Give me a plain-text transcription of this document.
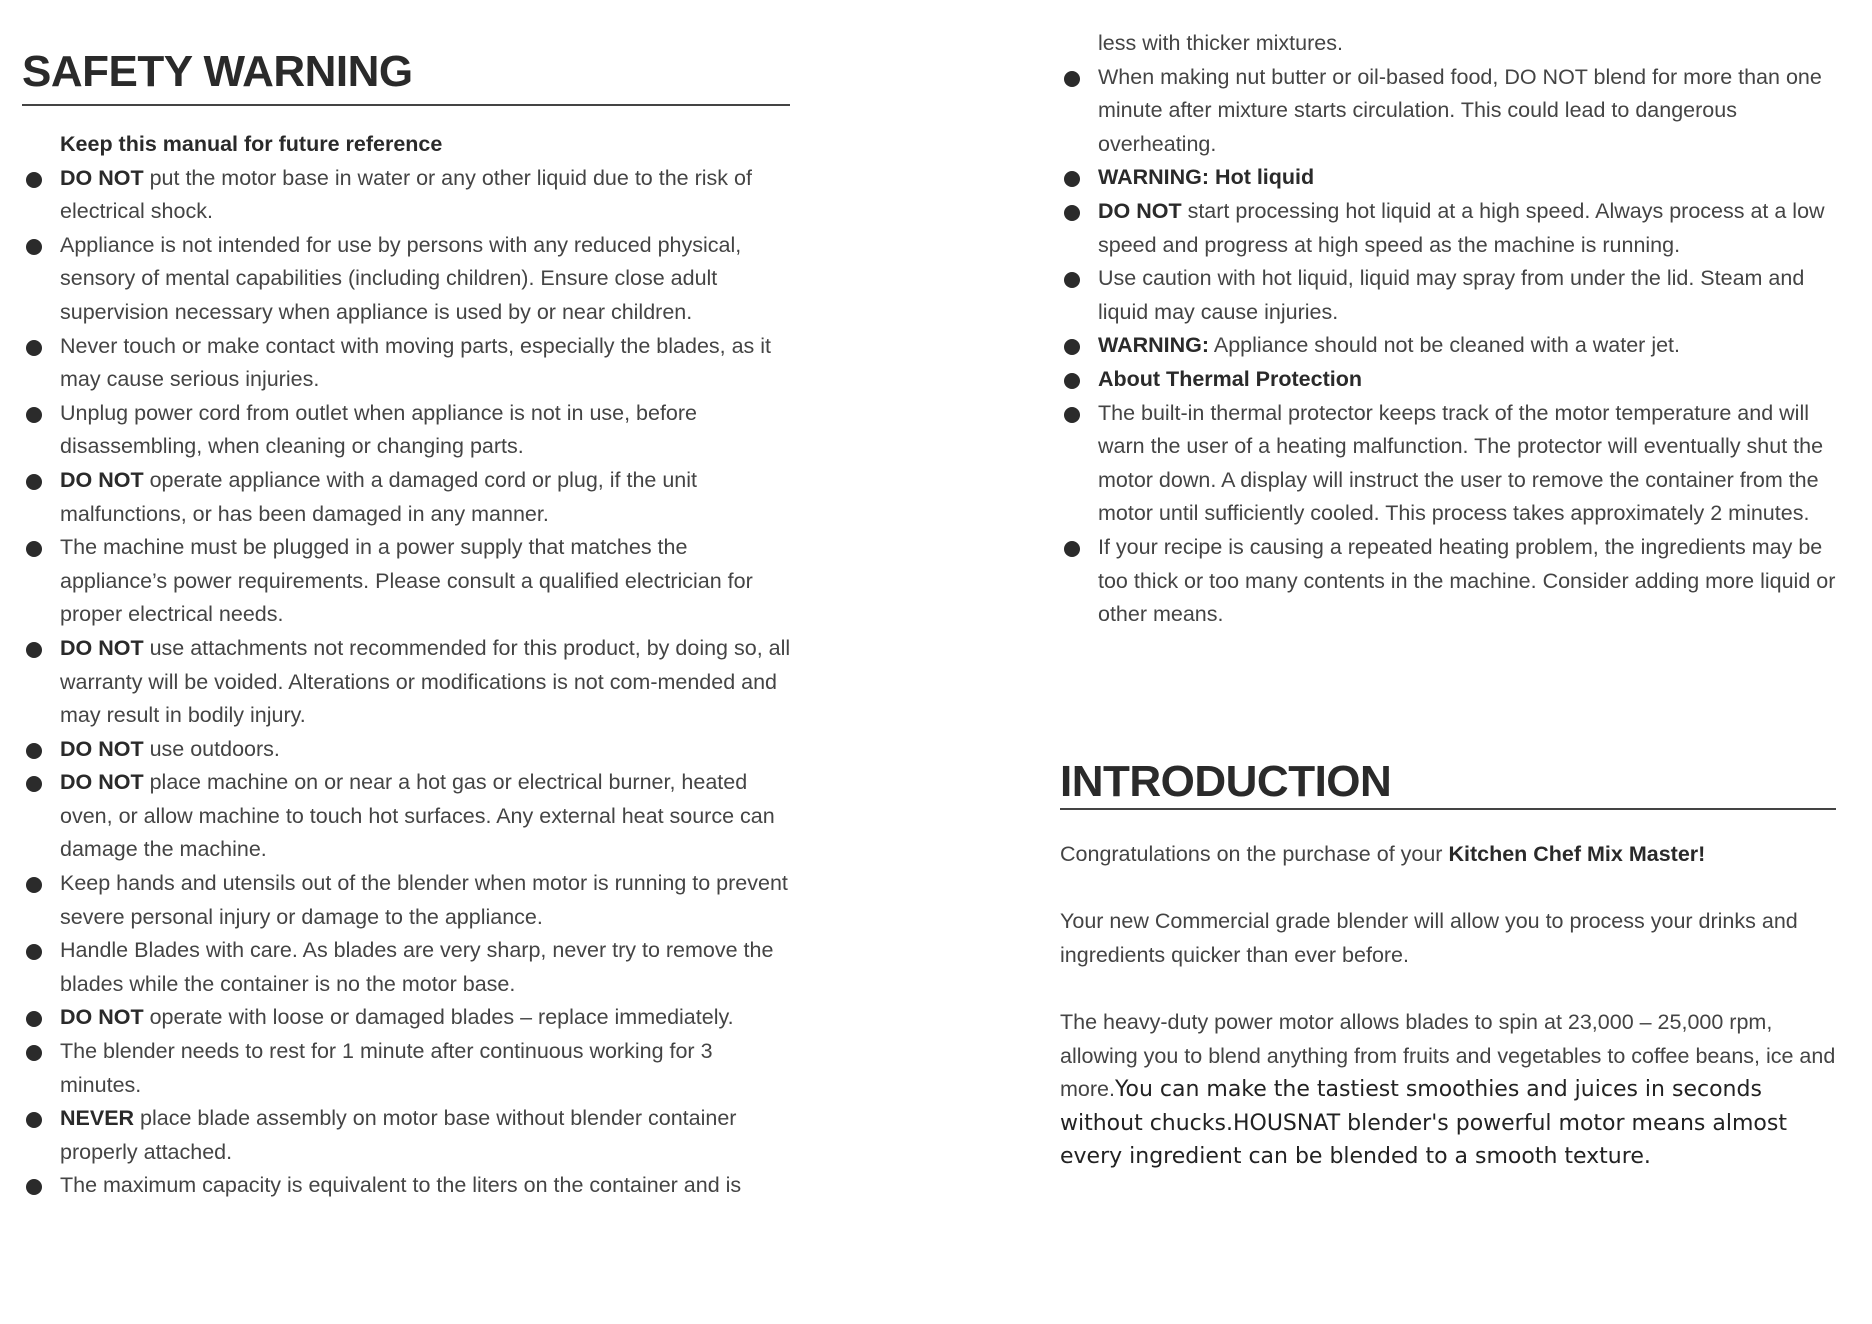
SAFETY WARNING

Keep this manual for future reference

DO NOT put the motor base in water or any other liquid due to the risk of electrical shock.

Appliance is not intended for use by persons with any reduced physical, sensory of mental capabilities (including children). Ensure close adult supervision necessary when appliance is used by or near children.

Never touch or make contact with moving parts, especially the blades, as it may cause serious injuries.

Unplug power cord from outlet when appliance is not in use, before disassembling, when cleaning or changing parts.

DO NOT operate appliance with a damaged cord or plug, if the unit malfunctions, or has been damaged in any manner.

The machine must be plugged in a power supply that matches the appliance’s power requirements. Please consult a qualified electrician for proper electrical needs.

DO NOT use attachments not recommended for this product, by doing so, all warranty will be voided. Alterations or modifications is not com-mended and may result in bodily injury.

DO NOT use outdoors.

DO NOT place machine on or near a hot gas or electrical burner, heated oven, or allow machine to touch hot surfaces. Any external heat source can damage the machine.

Keep hands and utensils out of the blender when motor is running to prevent severe personal injury or damage to the appliance.

Handle Blades with care. As blades are very sharp, never try to remove the blades while the container is no the motor base.

DO NOT operate with loose or damaged blades – replace immediately.

The blender needs to rest for 1 minute after continuous working for 3 minutes.

NEVER place blade assembly on motor base without blender container properly attached.

The maximum capacity is equivalent to the liters on the container and is

less with thicker mixtures.

When making nut butter or oil-based food, DO NOT blend for more than one minute after mixture starts circulation. This could lead to dangerous overheating.

WARNING: Hot liquid

DO NOT start processing hot liquid at a high speed. Always process at a low speed and progress at high speed as the machine is running.

Use caution with hot liquid, liquid may spray from under the lid. Steam and liquid may cause injuries.

WARNING: Appliance should not be cleaned with a water jet.

About Thermal Protection

The built-in thermal protector keeps track of the motor temperature and will warn the user of a heating malfunction. The protector will eventually shut the motor down. A display will instruct the user to remove the container from the motor until sufficiently cooled. This process takes approximately 2 minutes.

If your recipe is causing a repeated heating problem, the ingredients may be too thick or too many contents in the machine. Consider adding more liquid or other means.

INTRODUCTION

Congratulations on the purchase of your Kitchen Chef Mix Master!

Your new Commercial grade blender will allow you to process your drinks and ingredients quicker than ever before.

The heavy-duty power motor allows blades to spin at 23,000 – 25,000 rpm, allowing you to blend anything from fruits and vegetables to coffee beans, ice and more.You can make the tastiest smoothies and juices in seconds without chucks.HOUSNAT blender's powerful motor means almost every ingredient can be blended to a smooth texture.
